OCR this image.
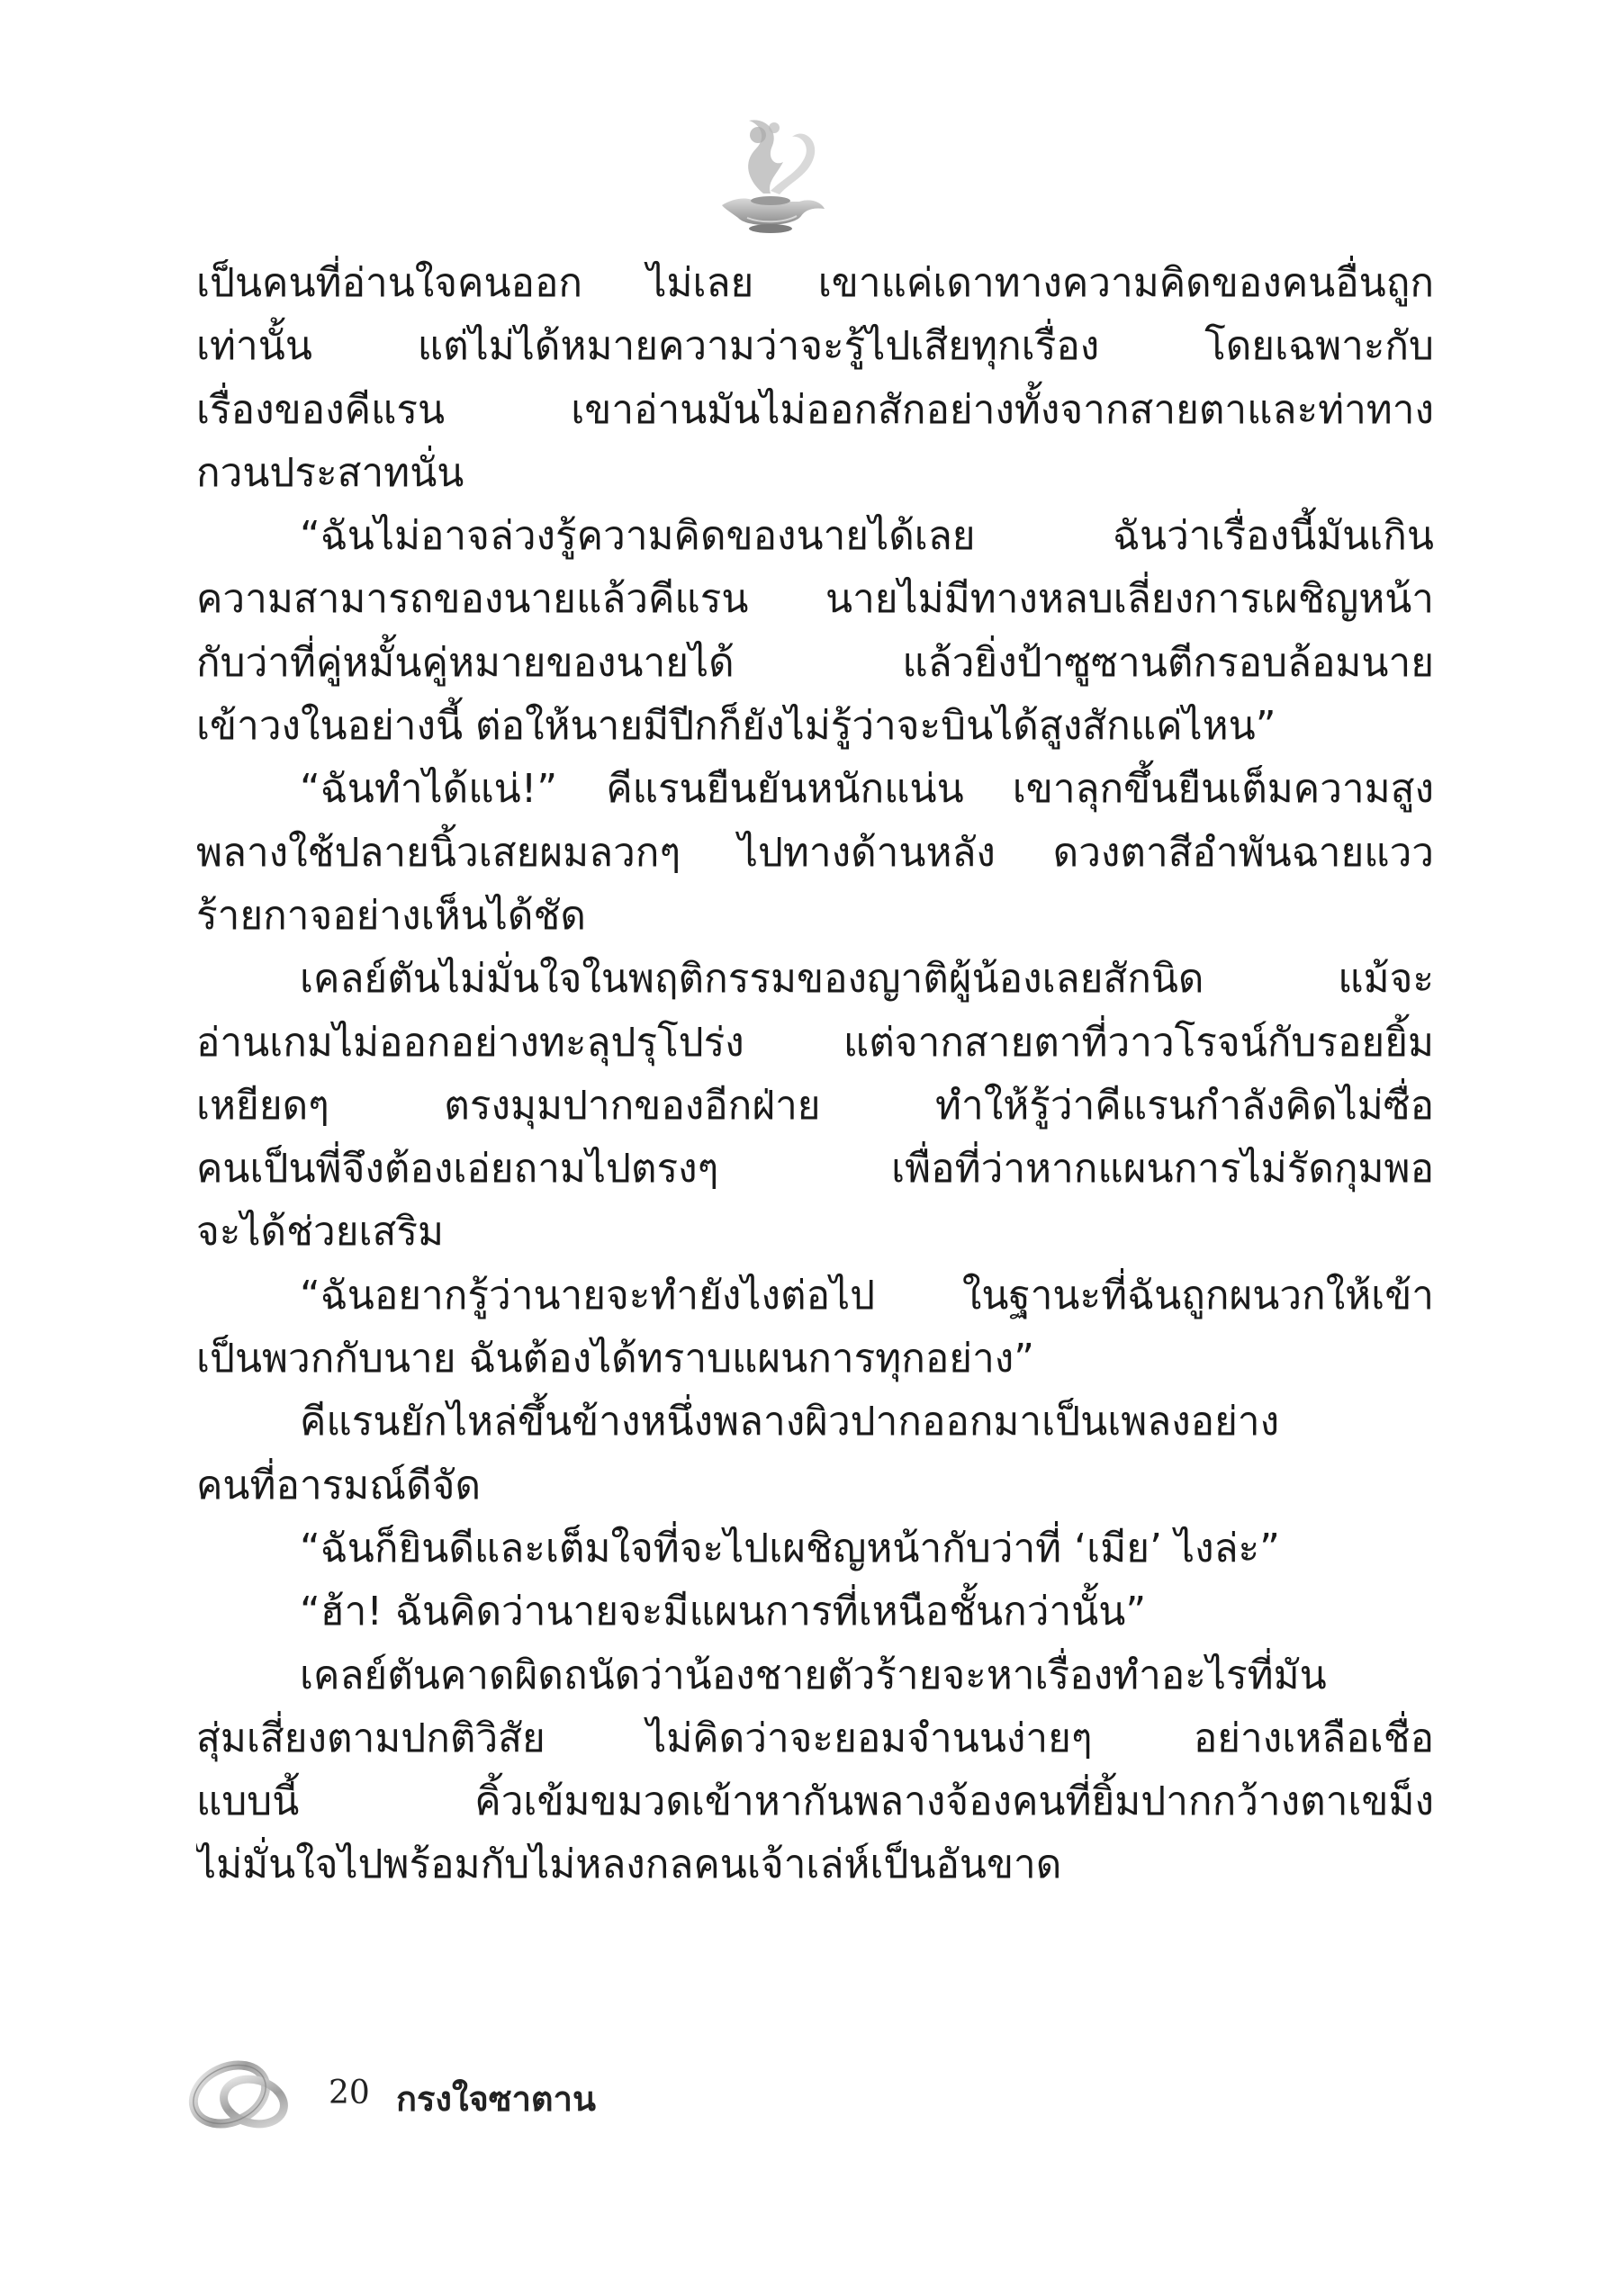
เป็นคนที่อ่านใจคนออก ไม่เลย เขาแค่เดาทางความคิดของคนอื่นถูก
เท่านั้น แต่ไม่ได้หมายความว่าจะรู้ไปเสียทุกเรื่อง โดยเฉพาะกับ
เรื่องของคีแรน เขาอ่านมันไม่ออกสักอย่างทั้งจากสายตาและท่าทาง
กวนประสาทนั่น
“ฉันไม่อาจล่วงรู้ความคิดของนายได้เลย ฉันว่าเรื่องนี้มันเกิน
ความสามารถของนายแล้วคีแรน นายไม่มีทางหลบเลี่ยงการเผชิญหน้า
กับว่าที่คู่หมั้นคู่หมายของนายได้ แล้วยิ่งป้าซูซานตีกรอบล้อมนาย
เข้าวงในอย่างนี้ ต่อให้นายมีปีกก็ยังไม่รู้ว่าจะบินได้สูงสักแค่ไหน”
“ฉันทำได้แน่!” คีแรนยืนยันหนักแน่น เขาลุกขึ้นยืนเต็มความสูง
พลางใช้ปลายนิ้วเสยผมลวกๆ ไปทางด้านหลัง ดวงตาสีอำพันฉายแวว
ร้ายกาจอย่างเห็นได้ชัด
เคลย์ตันไม่มั่นใจในพฤติกรรมของญาติผู้น้องเลยสักนิด แม้จะ
อ่านเกมไม่ออกอย่างทะลุปรุโปร่ง แต่จากสายตาที่วาวโรจน์กับรอยยิ้ม
เหยียดๆ ตรงมุมปากของอีกฝ่าย ทำให้รู้ว่าคีแรนกำลังคิดไม่ซื่อ
คนเป็นพี่จึงต้องเอ่ยถามไปตรงๆ เพื่อที่ว่าหากแผนการไม่รัดกุมพอ
จะได้ช่วยเสริม
“ฉันอยากรู้ว่านายจะทำยังไงต่อไป ในฐานะที่ฉันถูกผนวกให้เข้า
เป็นพวกกับนาย ฉันต้องได้ทราบแผนการทุกอย่าง”
คีแรนยักไหล่ขึ้นข้างหนึ่งพลางผิวปากออกมาเป็นเพลงอย่าง
คนที่อารมณ์ดีจัด
“ฉันก็ยินดีและเต็มใจที่จะไปเผชิญหน้ากับว่าที่ ‘เมีย’ ไงล่ะ”
“ฮ้า! ฉันคิดว่านายจะมีแผนการที่เหนือชั้นกว่านั้น”
เคลย์ตันคาดผิดถนัดว่าน้องชายตัวร้ายจะหาเรื่องทำอะไรที่มัน
สุ่มเสี่ยงตามปกติวิสัย ไม่คิดว่าจะยอมจำนนง่ายๆ อย่างเหลือเชื่อ
แบบนี้ คิ้วเข้มขมวดเข้าหากันพลางจ้องคนที่ยิ้มปากกว้างตาเขม็ง
ไม่มั่นใจไปพร้อมกับไม่หลงกลคนเจ้าเล่ห์เป็นอันขาด
20 กรงใจซาตาน
